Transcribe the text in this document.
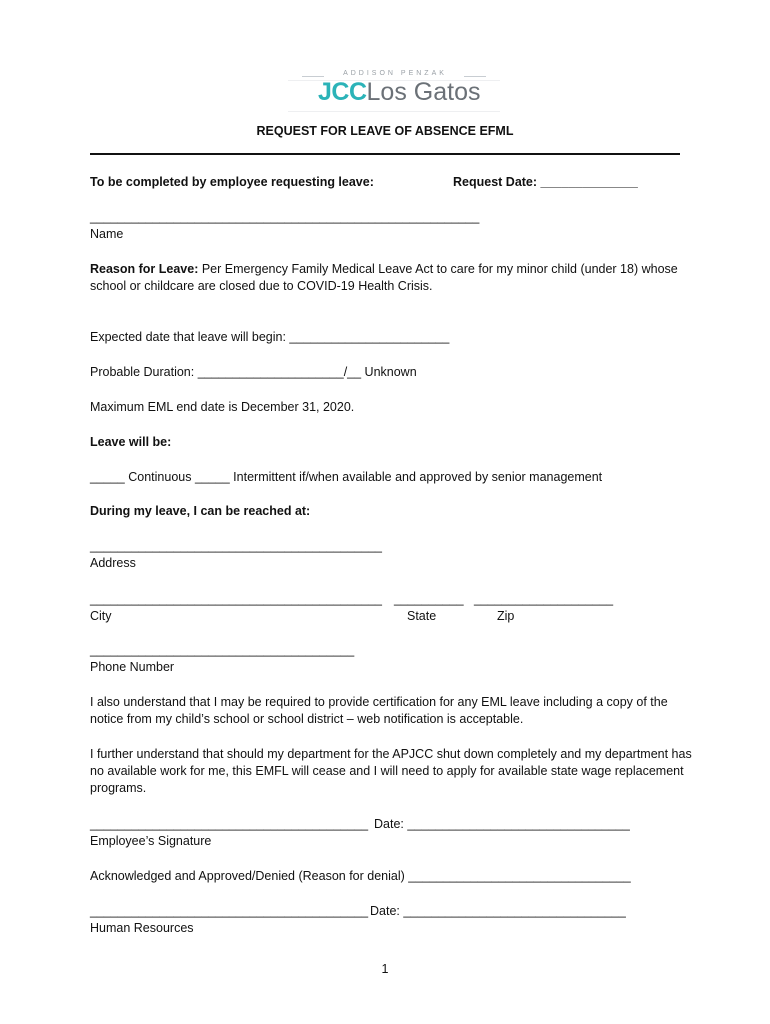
ADDISON PENZAK
JCCLos Gatos
REQUEST FOR LEAVE OF ABSENCE EFML
To be completed by employee requesting leave:	Request Date: ______________
________________________________________________________
Name
Reason for Leave: Per Emergency Family Medical Leave Act to care for my minor child (under 18) whose school or childcare are closed due to COVID-19 Health Crisis.
Expected date that leave will begin: _______________________
Probable Duration: _____________________/__ Unknown
Maximum EML end date is December 31, 2020.
Leave will be:
_____ Continuous _____ Intermittent if/when available and approved by senior management
During my leave, I can be reached at:
__________________________________________
Address
__________________________________________ __________ ____________________
City	State	Zip
______________________________________
Phone Number
I also understand that I may be required to provide certification for any EML leave including a copy of the notice from my child’s school or school district – web notification is acceptable.
I further understand that should my department for the APJCC shut down completely and my department has no available work for me, this EMFL will cease and I will need to apply for available state wage replacement programs.
________________________________________ Date: ________________________________
Employee’s Signature
Acknowledged and Approved/Denied (Reason for denial) ________________________________
________________________________________ Date: ________________________________
Human Resources
1
